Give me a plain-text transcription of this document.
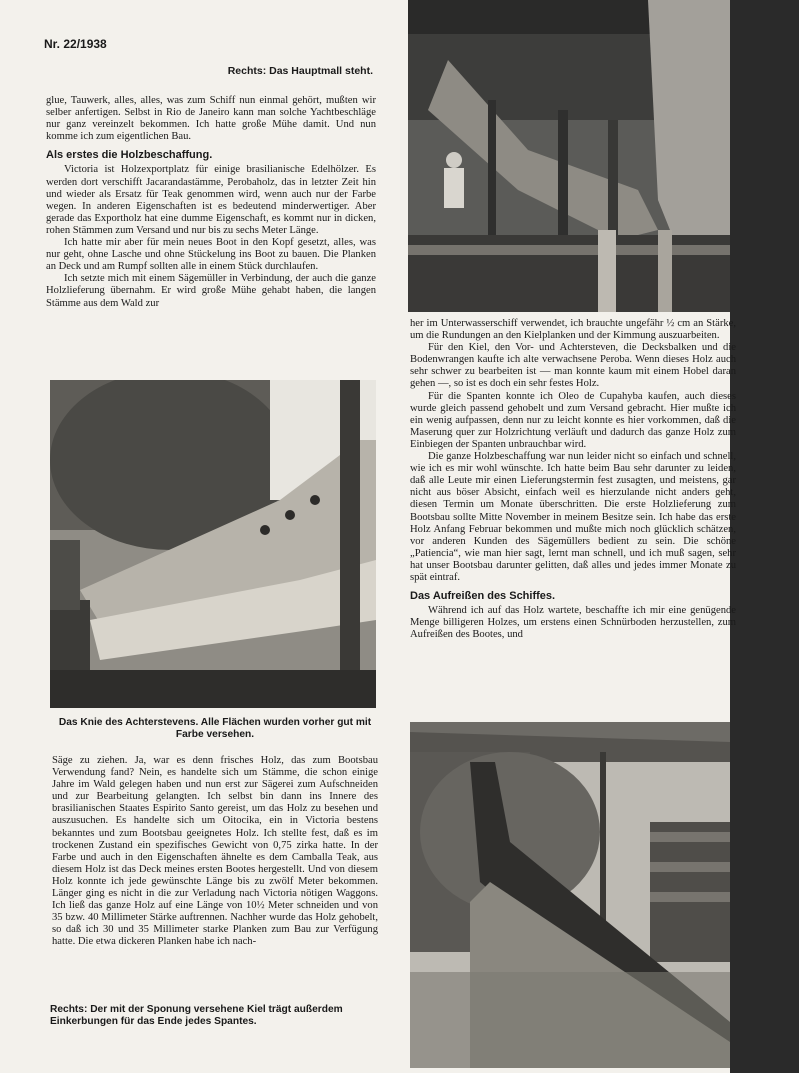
Nr. 22/1938
Rechts: Das Hauptmall steht.

glue, Tauwerk, alles, alles, was zum Schiff nun einmal gehört, mußten wir selber anfertigen. Selbst in Rio de Janeiro kann man solche Yachtbeschläge nur ganz vereinzelt bekommen. Ich hatte große Mühe damit. Und nun komme ich zum eigentlichen Bau.

Als erstes die Holzbeschaffung.

Victoria ist Holzexportplatz für einige brasilianische Edelhölzer. Es werden dort verschifft Jacarandastämme, Perobaholz, das in letzter Zeit hin und wieder als Ersatz für Teak genommen wird, wenn auch nur der Farbe wegen. In anderen Eigenschaften ist es bedeutend minderwertiger. Aber gerade das Exportholz hat eine dumme Eigenschaft, es kommt nur in dicken, rohen Stämmen zum Versand und nur bis zu sechs Meter Länge.

Ich hatte mir aber für mein neues Boot in den Kopf gesetzt, alles, was nur geht, ohne Lasche und ohne Stückelung ins Boot zu bauen. Die Planken an Deck und am Rumpf sollten alle in einem Stück durchlaufen.

Ich setzte mich mit einem Sägemüller in Verbindung, der auch die ganze Holzlieferung übernahm. Er wird große Mühe gehabt haben, die langen Stämme aus dem Wald zur

Das Knie des Achterstevens. Alle Flächen wurden vorher gut mit Farbe versehen.

Säge zu ziehen. Ja, war es denn frisches Holz, das zum Bootsbau Verwendung fand? Nein, es handelte sich um Stämme, die schon einige Jahre im Wald gelegen haben und nun erst zur Sägerei zum Aufschneiden und zur Bearbeitung gelangten. Ich selbst bin dann ins Innere des brasilianischen Staates Espirito Santo gereist, um das Holz zu besehen und auszusuchen. Es handelte sich um Oitocika, ein in Victoria bestens bekanntes und zum Bootsbau geeignetes Holz. Ich stellte fest, daß es im trockenen Zustand ein spezifisches Gewicht von 0,75 zirka hatte. In der Farbe und auch in den Eigenschaften ähnelte es dem Camballa Teak, aus diesem Holz ist das Deck meines ersten Bootes hergestellt. Und von diesem Holz konnte ich jede gewünschte Länge bis zu zwölf Meter bekommen. Länger ging es nicht in die zur Verladung nach Victoria nötigen Waggons. Ich ließ das ganze Holz auf eine Länge von 10½ Meter schneiden und von 35 bzw. 40 Millimeter Stärke auftrennen. Nachher wurde das Holz gehobelt, so daß ich 30 und 35 Millimeter starke Planken zum Bau zur Verfügung hatte. Die etwa dickeren Planken habe ich nach-

Rechts: Der mit der Sponung versehene Kiel trägt außerdem Einkerbungen für das Ende jedes Spantes.

her im Unterwasserschiff verwendet, ich brauchte ungefähr ½ cm an Stärke, um die Rundungen an den Kielplanken und der Kimmung auszuarbeiten.

Für den Kiel, den Vor- und Achtersteven, die Decksbalken und die Bodenwrangen kaufte ich alte verwachsene Peroba. Wenn dieses Holz auch sehr schwer zu bearbeiten ist — man konnte kaum mit einem Hobel daran gehen —, so ist es doch ein sehr festes Holz.

Für die Spanten konnte ich Oleo de Cupahyba kaufen, auch dieses wurde gleich passend gehobelt und zum Versand gebracht. Hier mußte ich ein wenig aufpassen, denn nur zu leicht konnte es hier vorkommen, daß die Maserung quer zur Holzrichtung verläuft und dadurch das ganze Holz zum Einbiegen der Spanten unbrauchbar wird.

Die ganze Holzbeschaffung war nun leider nicht so einfach und schnell, wie ich es mir wohl wünschte. Ich hatte beim Bau sehr darunter zu leiden, daß alle Leute mir einen Lieferungstermin fest zusagten, und meistens, gar nicht aus böser Absicht, einfach weil es hierzulande nicht anders geht, diesen Termin um Monate überschritten. Die erste Holzlieferung zum Bootsbau sollte Mitte November in meinem Besitze sein. Ich habe das erste Holz Anfang Februar bekommen und mußte mich noch glücklich schätzen, vor anderen Kunden des Sägemüllers bedient zu sein. Die schöne „Patiencia“, wie man hier sagt, lernt man schnell, und ich muß sagen, sehr hat unser Bootsbau darunter gelitten, daß alles und jedes immer Monate zu spät eintraf.

Das Aufreißen des Schiffes.

Während ich auf das Holz wartete, beschaffte ich mir eine genügende Menge billigeren Holzes, um erstens einen Schnürboden herzustellen, zum Aufreißen des Bootes, und
